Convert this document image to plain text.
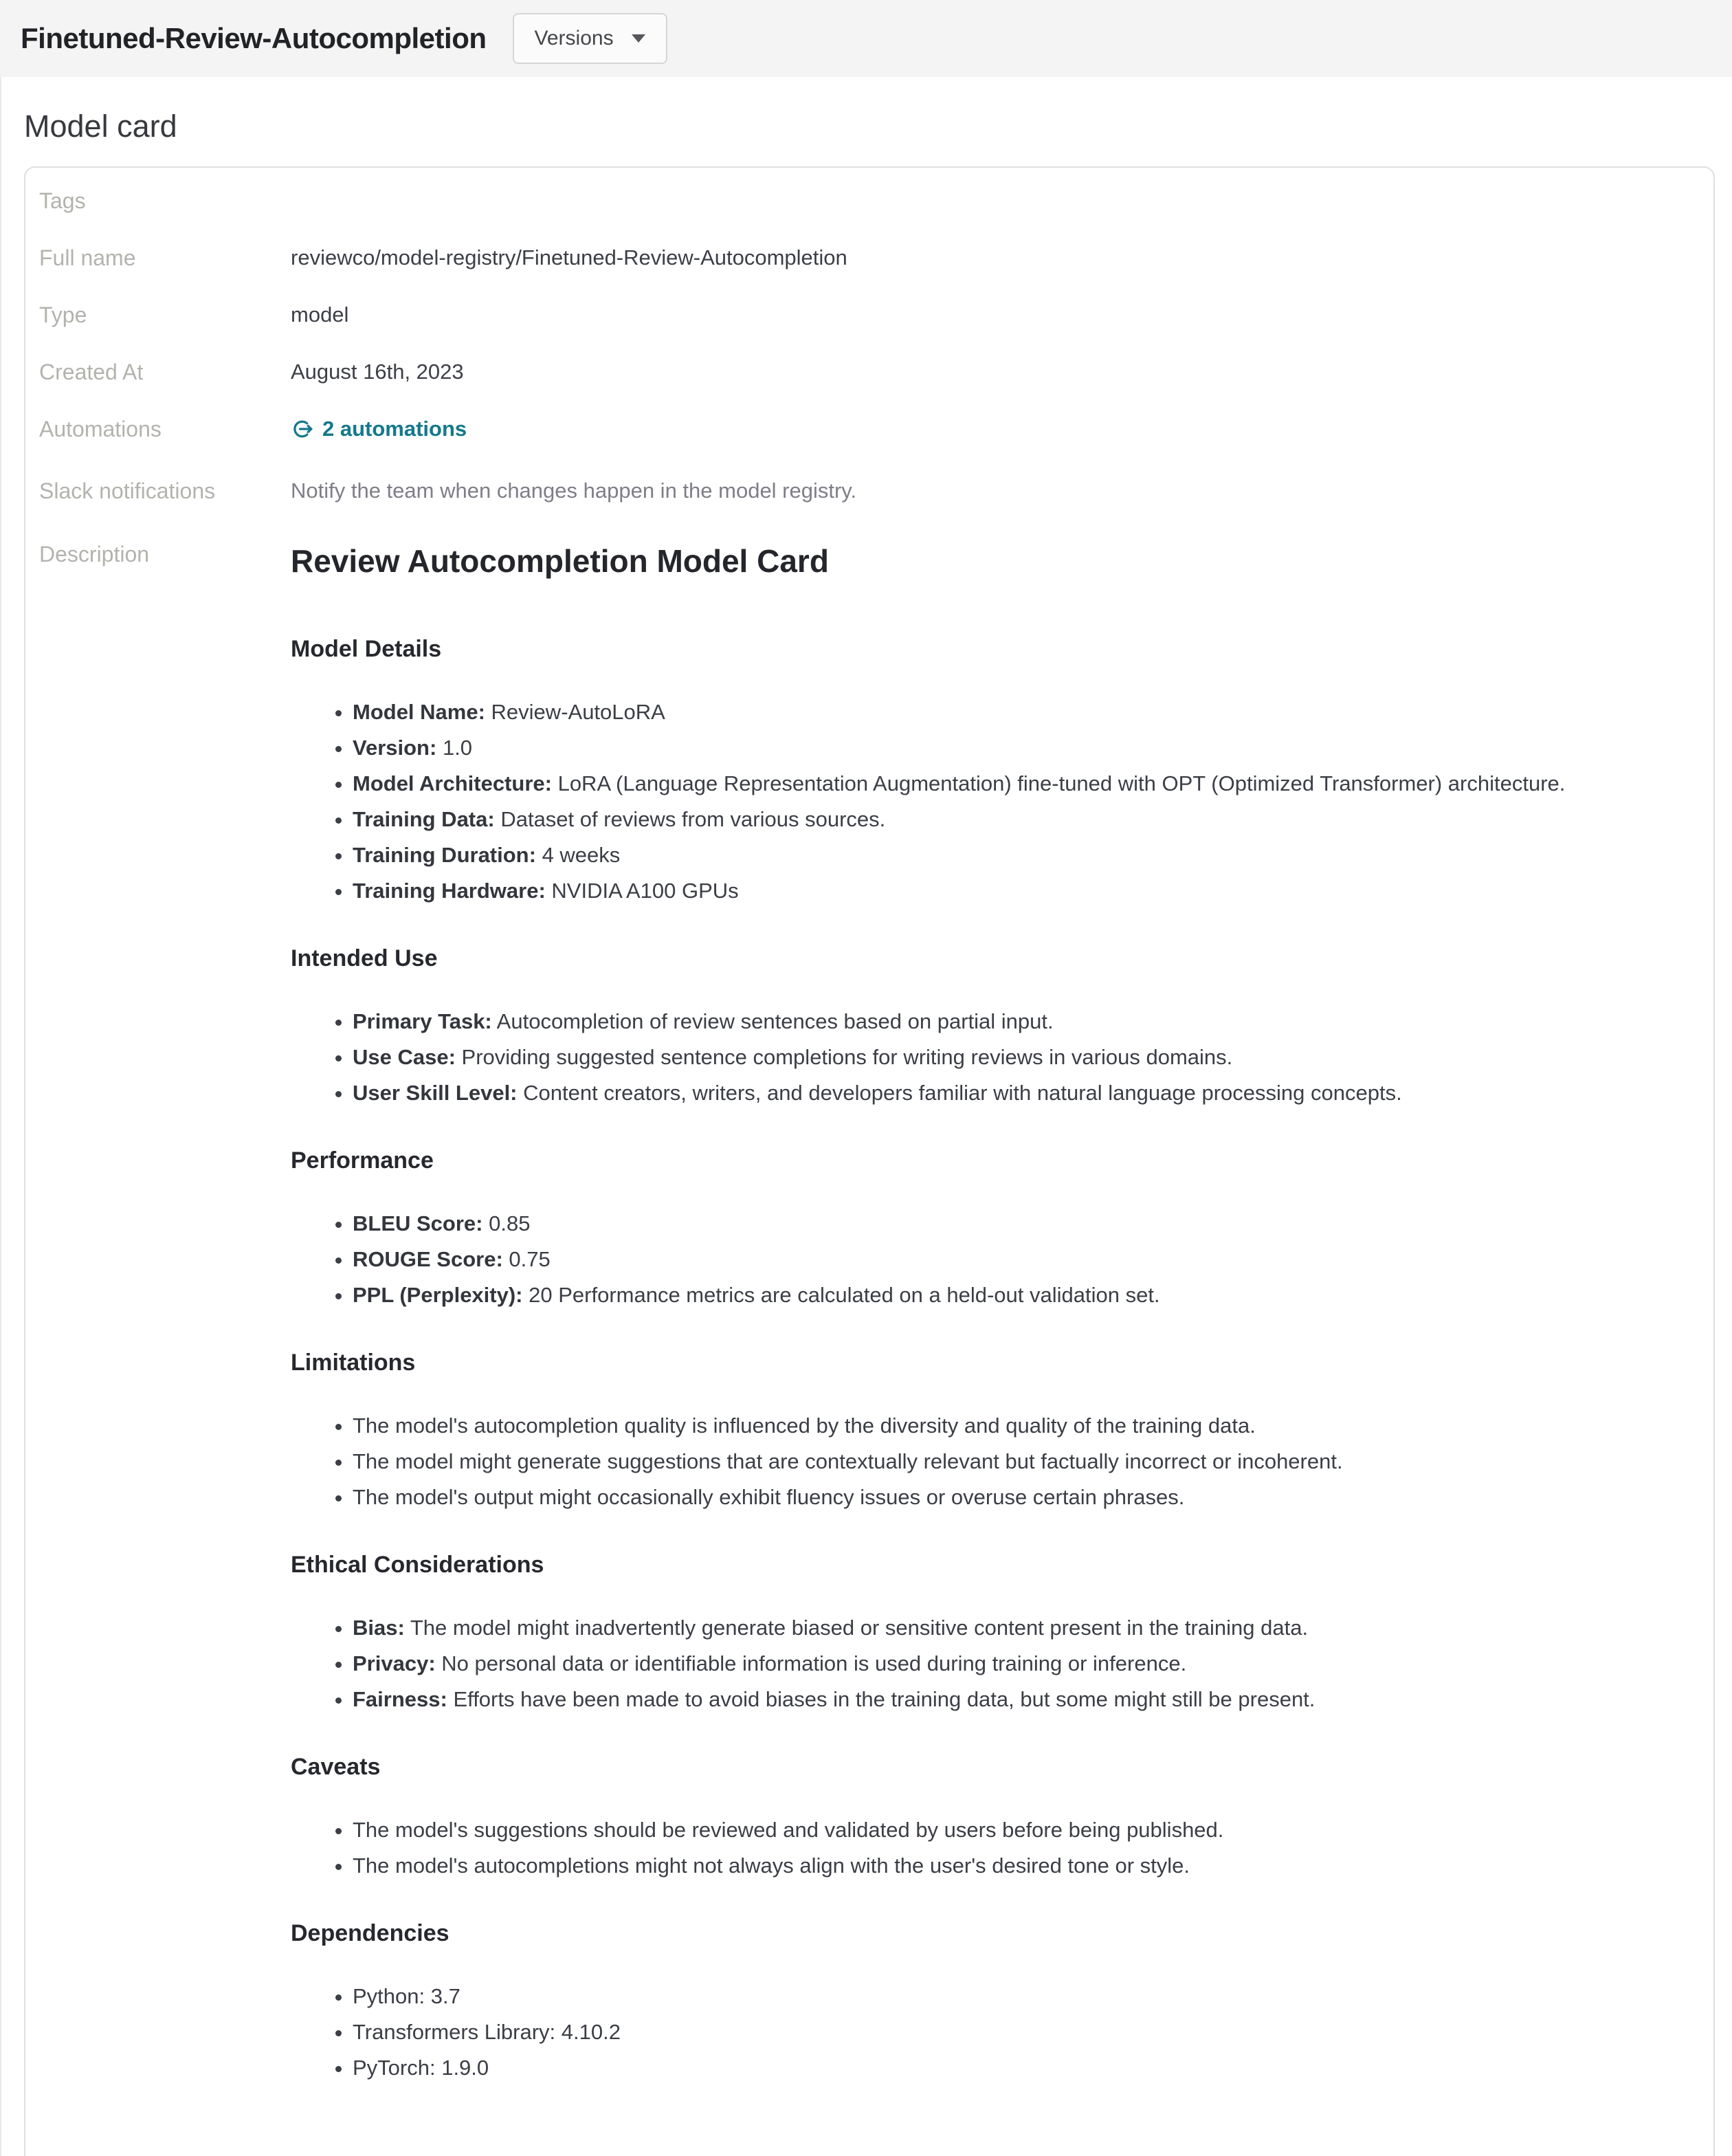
Finetuned-Review-Autocompletion Versions
Model card
Tags
Full name	reviewco/model-registry/Finetuned-Review-Autocompletion
Type	model
Created At	August 16th, 2023
Automations	2 automations
Slack notifications	Notify the team when changes happen in the model registry.
Description	Review Autocompletion Model Card
Model Details
• Model Name: Review-AutoLoRA
• Version: 1.0
• Model Architecture: LoRA (Language Representation Augmentation) fine-tuned with OPT (Optimized Transformer) architecture.
• Training Data: Dataset of reviews from various sources.
• Training Duration: 4 weeks
• Training Hardware: NVIDIA A100 GPUs
Intended Use
• Primary Task: Autocompletion of review sentences based on partial input.
• Use Case: Providing suggested sentence completions for writing reviews in various domains.
• User Skill Level: Content creators, writers, and developers familiar with natural language processing concepts.
Performance
• BLEU Score: 0.85
• ROUGE Score: 0.75
• PPL (Perplexity): 20 Performance metrics are calculated on a held-out validation set.
Limitations
• The model's autocompletion quality is influenced by the diversity and quality of the training data.
• The model might generate suggestions that are contextually relevant but factually incorrect or incoherent.
• The model's output might occasionally exhibit fluency issues or overuse certain phrases.
Ethical Considerations
• Bias: The model might inadvertently generate biased or sensitive content present in the training data.
• Privacy: No personal data or identifiable information is used during training or inference.
• Fairness: Efforts have been made to avoid biases in the training data, but some might still be present.
Caveats
• The model's suggestions should be reviewed and validated by users before being published.
• The model's autocompletions might not always align with the user's desired tone or style.
Dependencies
• Python: 3.7
• Transformers Library: 4.10.2
• PyTorch: 1.9.0
